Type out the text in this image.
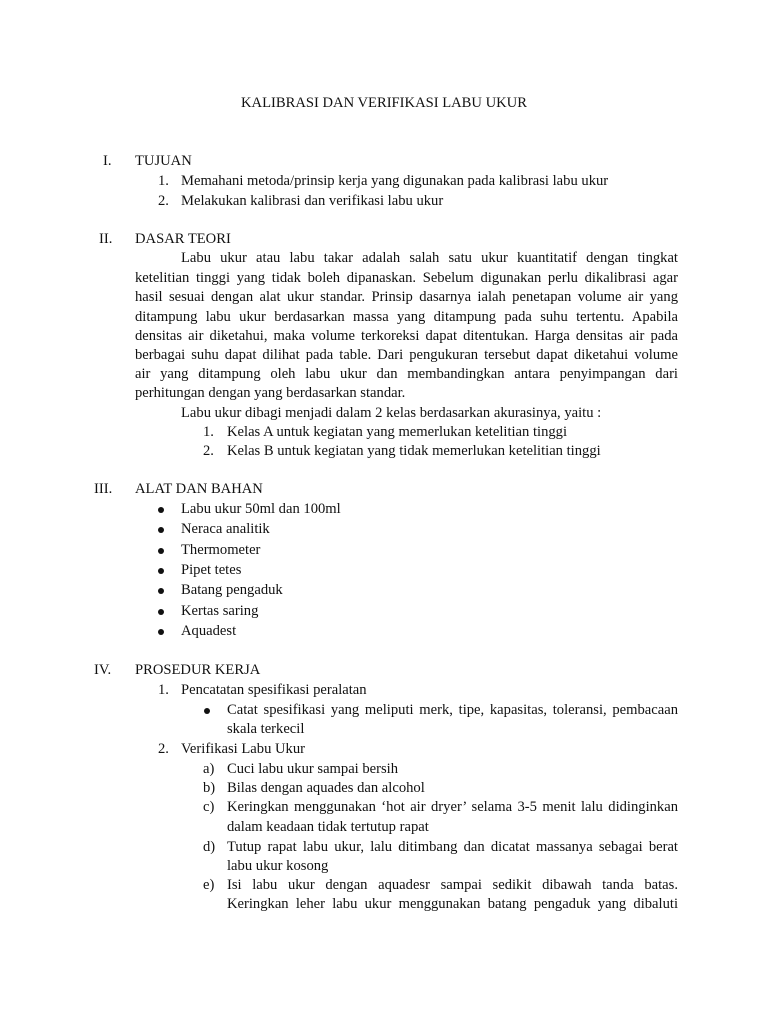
KALIBRASI DAN VERIFIKASI LABU UKUR
I. TUJUAN
1. Memahani metoda/prinsip kerja yang digunakan pada kalibrasi labu ukur
2. Melakukan kalibrasi dan verifikasi labu ukur
II. DASAR TEORI
Labu ukur atau labu takar adalah salah satu ukur kuantitatif dengan tingkat
ketelitian tinggi yang tidak boleh dipanaskan. Sebelum digunakan perlu dikalibrasi agar
hasil sesuai dengan alat ukur standar. Prinsip dasarnya ialah penetapan volume air yang
ditampung labu ukur berdasarkan massa yang ditampung pada suhu tertentu. Apabila
densitas air diketahui, maka volume terkoreksi dapat ditentukan. Harga densitas air pada
berbagai suhu dapat dilihat pada table. Dari pengukuran tersebut dapat diketahui volume
air yang ditampung oleh labu ukur dan membandingkan antara penyimpangan dari
perhitungan dengan yang berdasarkan standar.
Labu ukur dibagi menjadi dalam 2 kelas berdasarkan akurasinya, yaitu :
1. Kelas A untuk kegiatan yang memerlukan ketelitian tinggi
2. Kelas B untuk kegiatan yang tidak memerlukan ketelitian tinggi
III. ALAT DAN BAHAN
Labu ukur 50ml dan 100ml
Neraca analitik
Thermometer
Pipet tetes
Batang pengaduk
Kertas saring
Aquadest
IV. PROSEDUR KERJA
1. Pencatatan spesifikasi peralatan
Catat spesifikasi yang meliputi merk, tipe, kapasitas, toleransi, pembacaan
skala terkecil
2. Verifikasi Labu Ukur
a) Cuci labu ukur sampai bersih
b) Bilas dengan aquades dan alcohol
c) Keringkan menggunakan ‘hot air dryer’ selama 3-5 menit lalu didinginkan
dalam keadaan tidak tertutup rapat
d) Tutup rapat labu ukur, lalu ditimbang dan dicatat massanya sebagai berat
labu ukur kosong
e) Isi labu ukur dengan aquadesr sampai sedikit dibawah tanda batas.
Keringkan leher labu ukur menggunakan batang pengaduk yang dibaluti
